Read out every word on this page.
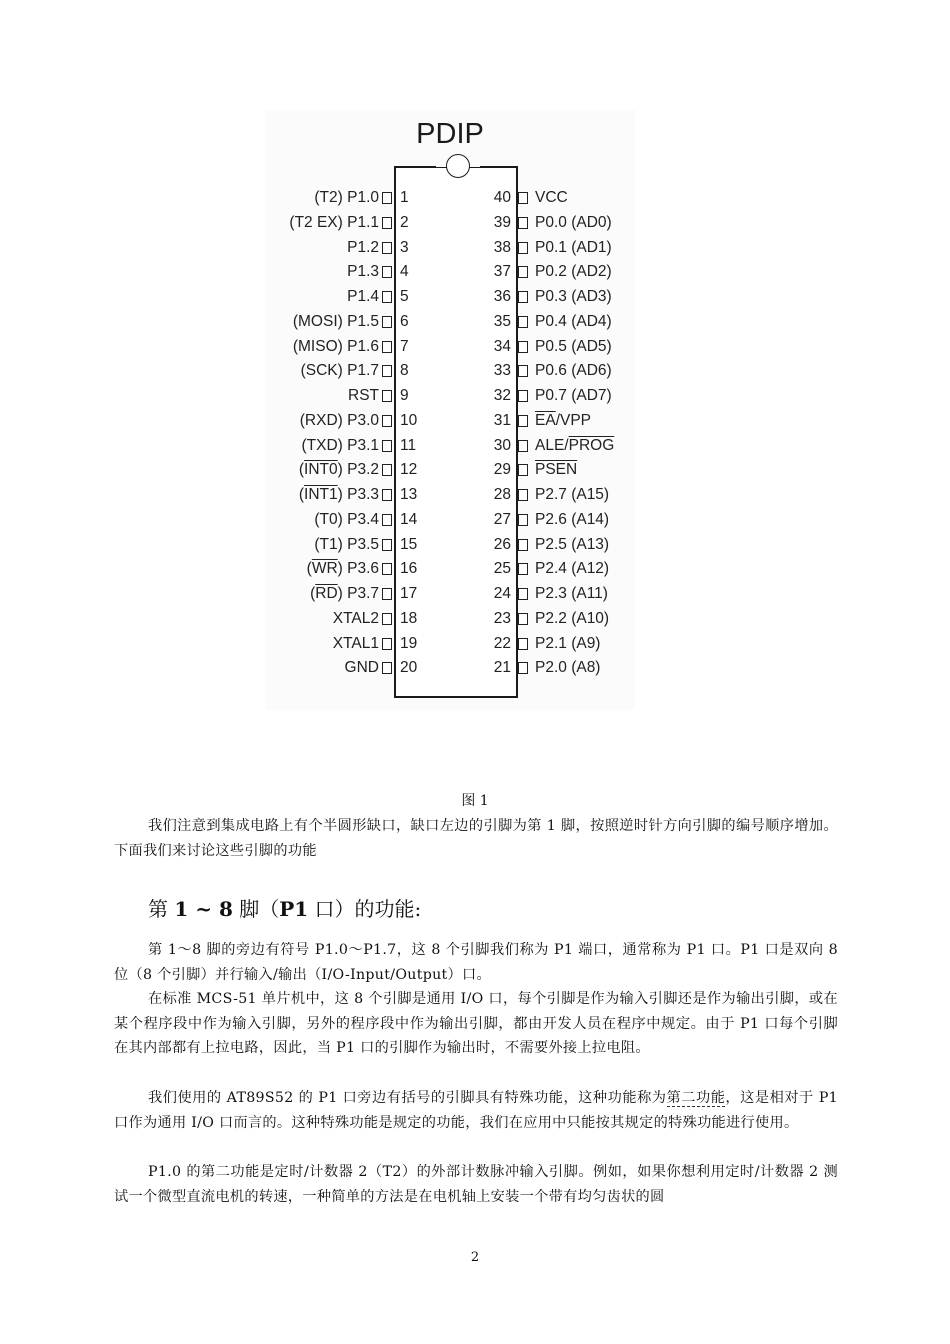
PDIP
(T2) P1.0 1
(T2 EX) P1.1 2
P1.2 3
P1.3 4
P1.4 5
(MOSI) P1.5 6
(MISO) P1.6 7
(SCK) P1.7 8
RST 9
(RXD) P3.0 10
(TXD) P3.1 11
(INT0) P3.2 12
(INT1) P3.3 13
(T0) P3.4 14
(T1) P3.5 15
$(\overline{WR})$ P3.6 16
$(\overline{RD})$ P3.7 17
XTAL2 18
XTAL1 19
GND 20
40 VCC
39 P0.0 (AD0)
38 P0.1 (AD1)
37 P0.2 (AD2)
36 P0.3 (AD3)
35 P0.4 (AD4)
34 P0.5 (AD5)
33 P0.6 (AD6)
32 P0.7 (AD7)
31 $\overline{EA}$/VPP
30 ALE/PROG
29 PSEN
28 P2.7 (A15)
27 P2.6 (A14)
26 P2.5 (A13)
25 P2.4 (A12)
24 P2.3 (A11)
23 P2.2 (A10)
22 P2.1 (A9)
21 P2.0 (A8)
图 1
我们注意到集成电路上有个半圆形缺口，缺口左边的引脚为第 1 脚，按照逆时针方向引脚的编号顺序增加。下面我们来讨论这些引脚的功能
第 1 ~ 8 脚（P1 口）的功能:
第 1～8 脚的旁边有符号 P1.0～P1.7，这 8 个引脚我们称为 P1 端口，通常称为 P1 口。P1 口是双向 8 位（8 个引脚）并行输入/输出（I/O-Input/Output）口。
在标准 MCS-51 单片机中，这 8 个引脚是通用 I/O 口，每个引脚是作为输入引脚还是作为输出引脚，或在某个程序段中作为输入引脚，另外的程序段中作为输出引脚，都由开发人员在程序中规定。由于 P1 口每个引脚在其内部都有上拉电路，因此，当 P1 口的引脚作为输出时，不需要外接上拉电阻。
我们使用的 AT89S52 的 P1 口旁边有括号的引脚具有特殊功能，这种功能称为第二功能，这是相对于 P1 口作为通用 I/O 口而言的。这种特殊功能是规定的功能，我们在应用中只能按其规定的特殊功能进行使用。
P1.0 的第二功能是定时/计数器 2（T2）的外部计数脉冲输入引脚。例如，如果你想利用定时/计数器 2 测试一个微型直流电机的转速，一种简单的方法是在电机轴上安装一个带有均匀齿状的圆
2
